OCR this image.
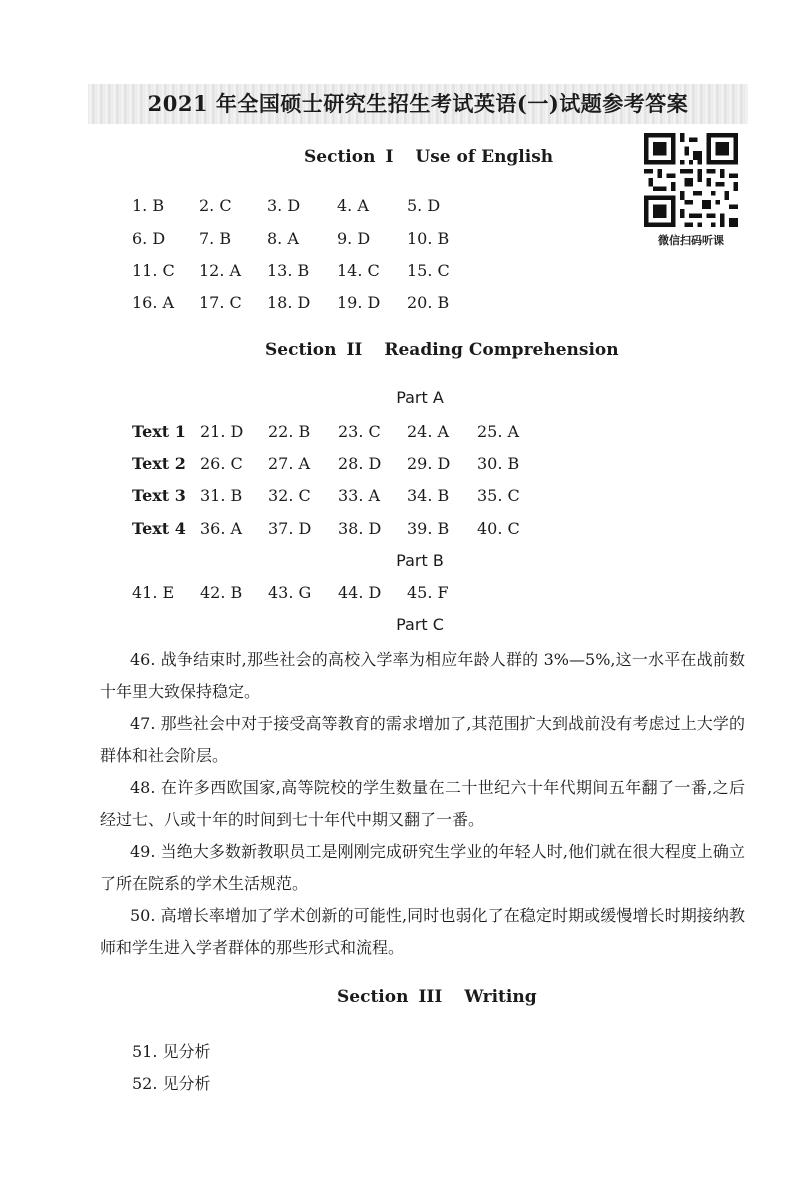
2021 年全国硕士研究生招生考试英语(一)试题参考答案
微信扫码听课
Section I Use of English
1. B 2. C 3. D 4. A 5. D
6. D 7. B 8. A 9. D 10. B
11. C 12. A 13. B 14. C 15. C
16. A 17. C 18. D 19. D 20. B
Section II Reading Comprehension
Part A
Text 1 21. D 22. B 23. C 24. A 25. A
Text 2 26. C 27. A 28. D 29. D 30. B
Text 3 31. B 32. C 33. A 34. B 35. C
Text 4 36. A 37. D 38. D 39. B 40. C
Part B
41. E 42. B 43. G 44. D 45. F
Part C
46. 战争结束时,那些社会的高校入学率为相应年龄人群的 3%—5%,这一水平在战前数十年里大致保持稳定。
47. 那些社会中对于接受高等教育的需求增加了,其范围扩大到战前没有考虑过上大学的群体和社会阶层。
48. 在许多西欧国家,高等院校的学生数量在二十世纪六十年代期间五年翻了一番,之后经过七、八或十年的时间到七十年代中期又翻了一番。
49. 当绝大多数新教职员工是刚刚完成研究生学业的年轻人时,他们就在很大程度上确立了所在院系的学术生活规范。
50. 高增长率增加了学术创新的可能性,同时也弱化了在稳定时期或缓慢增长时期接纳教师和学生进入学者群体的那些形式和流程。
Section III Writing
51. 见分析
52. 见分析
